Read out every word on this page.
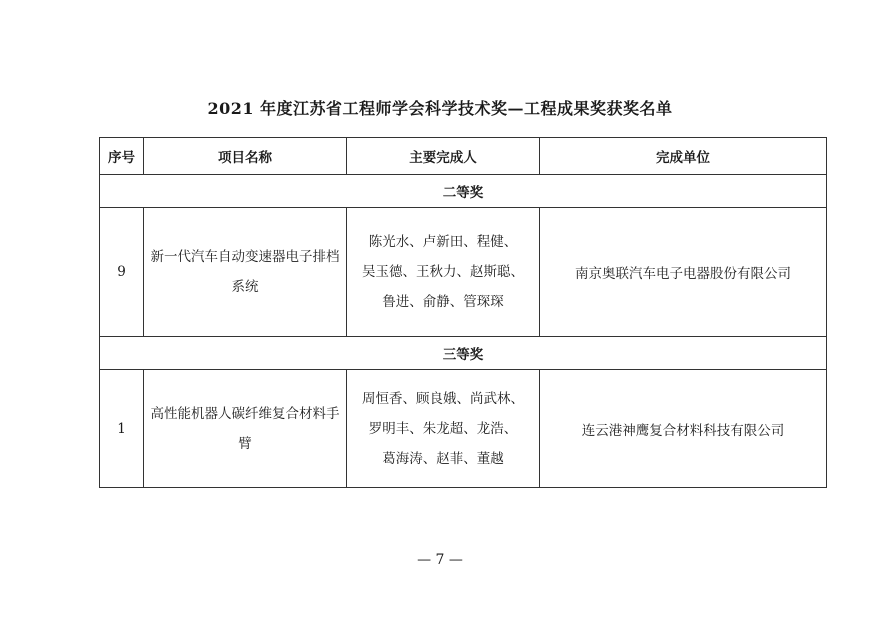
2021 年度江苏省工程师学会科学技术奖—工程成果奖获奖名单
序号	项目名称	主要完成人	完成单位
二等奖			
9	新一代汽车自动变速器电子排档系统	陈光水、卢新田、程健、
吴玉德、王秋力、赵斯聪、
鲁进、俞静、管琛琛	南京奥联汽车电子电器股份有限公司
三等奖			
1	高性能机器人碳纤维复合材料手臂	周恒香、顾良娥、尚武林、
罗明丰、朱龙超、龙浩、
葛海涛、赵菲、董越	连云港神鹰复合材料科技有限公司
— 7 —
